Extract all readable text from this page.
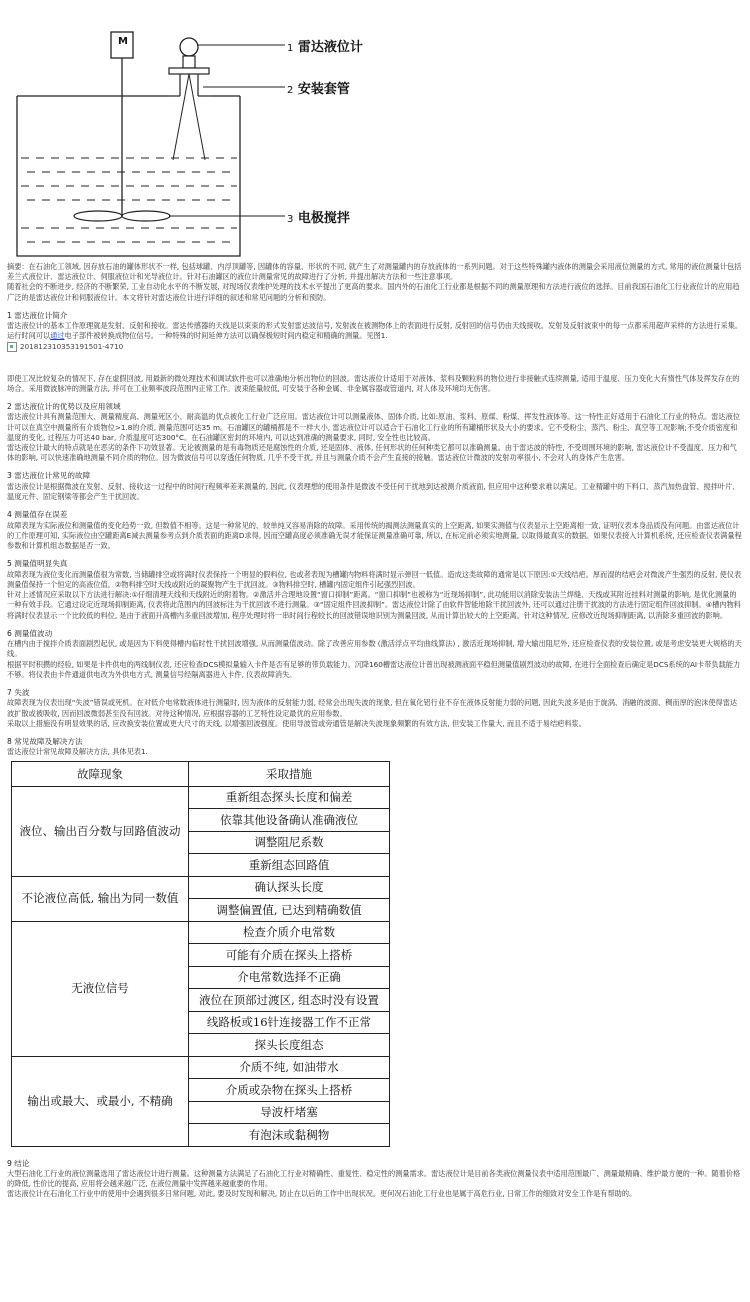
M
1 雷达液位计
2 安装套管
3 电极搅拌

摘要：在石油化工领域, 因存放石油的罐体形状不一样, 包括球罐、内浮顶罐等, 因罐体的容量、形状的不同, 就产生了对测量罐内的存放液体的一系列问题。对于这些特殊罐内液体的测量会采用液位测量的方式, 常用的液位测量计包括差兰式液位计、雷达液位计、伺服液位计和光导液位计。针对石油罐区的液位计测量常见的故障进行了分析, 并提出解决方法和一些注意事项。

随着社会的不断进步, 经济的不断繁荣, 工业自动化水平的不断发展, 对现场仪表维护处理的技术水平提出了更高的要求。国内外的石油化工行业都是根据不同的测量原理和方法进行液位的选择。目前我国石油化工行业液位计的应用趋广泛的是雷达液位计和伺服液位计。本文将针对雷达液位计进行详细的叙述和常见问题的分析和预防。

1 雷达液位计简介

雷达液位计的基本工作原理就是发射、反射和接收。雷达传感器的天线是以束束的形式发射雷达波信号, 发射波在被测物体上的表面进行反射, 反射回的信号仍由天线接收。发射及反射波束中的每一点都采用超声采样的方法进行采集。运行时间可以通过电子部件被转换成物位信号。一种特殊的时间延伸方法可以确保极短时间内稳定和精确的测量。见图1.

20181231035319150​1-4710

即使工况比较复杂的情况下, 存在虚假回波, 用最新的微处理技术和调试软件也可以准确地分析出物位的回波。雷达液位计适用于对液体、浆料及颗粒料的物位进行非接触式连续测量, 适用于温度、压力变化大有惰性气体及挥发存在的场合。采用微波脉冲的测量方法, 并可在工业频率波段范围内正常工作。波束能量较低, 可安装于各种金属、非金属容器或管道内, 对人体及环境均无伤害。

2 雷达液位计的优势以及应用领域

雷达液位计具有测量范围大、测量精度高、测量死区小、耐高温的优点被化工行业广泛应用。雷达液位计可以测量液体、固体介质, 比如:原油、浆料、原煤、粉煤、挥发性液体等。这一特性正好适用于石油化工行业的特点。雷达液位计可以在真空中测量所有介质物位>1.8的介质, 测量范围可达35 m。石油罐区的罐桶都是不一样大小, 雷达液位计可以适合于石油化工行业的所有罐桶形状及大小的要求。它不受粉尘、蒸汽、粉尘、真空等工况影响;不受介质密度和温度的变化, 过程压力可达40 bar, 介质温度可达300°C。在石油罐区密封的环境内, 可以达到准确的测量要求, 同时, 安全性也比较高。

雷达液位计最大的特点就是在恶劣的条件下功效显著。无论被测量的是有毒物质还是腐蚀性的介质, 还是固体、液体, 任何形状的任何种类它都可以准确测量。由于雷达波的特性, 不受周围环境的影响, 雷达液位计不受温度、压力和气体的影响, 可以快速准确地测量不同介质的物位。因为微波信号可以穿透任何物质, 几乎不受干扰, 并且与测量介质不会产生直接的接触。雷达液位计微波的发射功率很小, 不会对人的身体产生危害。

3 雷达液位计常见的故障

雷达液位计是根据微波在发射、反射、接收这一过程中的时间行程频率差来测量的, 因此, 仪表理想的使用条件是微波不受任何干扰地到达被测介质液面, 但应用中这种要求难以满足。工业精罐中的下料口、蒸汽加热盘管、搅拌叶片、温度元件、固定钢梁等都会产生干扰回波。

4 测量值存在误差

故障表现为实际液位和测量值的变化趋势一致, 但数值不相等。这是一种常见的、较单纯又容易消除的故障。采用传统的揭测法测量真实的上空距离, 如果实测值与仪表显示上空距离相一致, 证明仪表本身品质没有问题。由雷达液位计的工作原理可知, 实际液位由空罐距离E减去测量参考点到介质表面的距离D求得, 因而空罐高度必须准确无误才能保证测量准确可靠, 所以, 在标定前必须实地测量, 以取得最真实的数据。如果仪表接入计算机系统, 还应检查仪表满量程参数和计算机组态数据是否一致。

5 测量值明显失真

故障表现为液位变化而测量值很为常数, 当储罐排空或将满时仪表保持一个明显的假料位, 也或者表现为槽罐内物料将满时显示弹回一低值。造成这类故障的通常是以下原因:①天线结疤。厚而湿的结疤会对微波产生强烈的反射, 使仪表测量值保持一个恒定的高液位值。②物料排空时天线或附近的凝聚物产生干扰回波。③物料排空时, 槽罐内固定组件引起强烈回波。

针对上述情况应采取以下方法进行解决:①仔细清理天线和天线附近的附着物。②激活并合理地设置“窗口抑制”距离。“窗口抑制”也被称为“近现场抑制”, 此功能用以消除安装法兰焊缝、天线或其附近挂料对测量的影响, 是优化测量的一种有效手段。它通过设定近现场抑制距离, 仪表将此范围内的回波标注为干扰回波不进行测量。③“固定组件回波抑制”。雷达液位计除了由软件智能地除干扰回波外, 还可以通过注册干扰波的方法进行固定组件回波抑制。④槽内物料将满时仪表显示一个比较低的料位, 是由于液面升高槽内多重回波增加, 程序处理时将一串时间行程较长的回波错误地识别为测量回波, 从而计算出较大的上空距离。针对这种情况, 应修改近现场抑制距离, 以消除多重回波的影响。

6 测量值波动

在槽内由于搅拌介质表面剧烈起伏, 或是因为下料使得槽内临时性干扰回波增强, 从而测量值波动。除了改善应用参数 (激活浮点平均曲线算法) , 激活近现场抑制, 增大输出阻尼外, 还应检查仪表的安装位置, 或是考虑安装更大规格的天线。

根据平时积攒的经验, 如果是卡件供电的两线制仪表, 还应检查DCS模拟量输入卡件是否有足够的带负载能力。沉降160槽雷达液位计曾出现被测液面平稳但测量值剧烈波动的故障, 在进行全面检查后确定是DCS系统的AI卡带负载能力不够。将仪表由卡件通道供电改为外供电方式, 测量信号经隔离器进入卡件, 仪表故障消失。

7 失波

故障表现为仪表出现“失波”错误或死机。在对低介电常数液体进行测量时, 因为液体的反射能力弱, 经常会出现失波的现象, 但在氧化铝行业不存在液体反射能力弱的问题, 因此失波多是由于旋涡、消融的波面、稠而厚的泡沫使得雷达波扩散或被吸收, 因而回波微弱甚至没有回波。对待这种情况, 应根据容器的工艺特性设定最优的应用参数。

采取以上措施没有明显效果的话, 应改换安装位置或更大尺寸的天线, 以增强回波强度。使用导波管或旁通管是解决失波现象频繁的有效方法, 但安装工作量大, 而且不适于易结疤料浆。

8 常见故障及解决方法

雷达液位计常见故障及解决方法, 具体见表1.

故障现象	采取措施
液位、输出百分数与回路值波动	重新组态探头长度和偏差
	依靠其他设备确认准确液位
	调整阻尼系数
	重新组态回路值
不论液位高低, 输出为同一数值	确认探头长度
	调整偏置值, 已达到精确数值
无液位信号	检查介质介电常数
	可能有介质在探头上搭桥
	介电常数选择不正确
	液位在顶部过渡区, 组态时没有设置
	线路板或16针连接器工作不正常
	探头长度组态
输出或最大、或最小, 不精确	介质不纯, 如油带水
	介质或杂物在探头上搭桥
	导波杆堵塞
	有泡沫或黏稠物

9 结论

大型石油化工行业的液位测量选用了雷达液位计进行测量。这种测量方法满足了石油化工行业对精确性、重复性、稳定性的测量需求。雷达液位计是目前各类液位测量仪表中适用范围最广、测量最精确、维护最方便的一种。随着价格的降低, 性价比的提高, 应用将会越来越广泛, 在液位测量中发挥越来越重要的作用。

雷达液位计在石油化工行业中的使用中会遇到很多日常问题, 对此, 要及时发现和解决, 防止在以后的工作中出现状况。更何况石油化工行业也是属于高危行业, 日常工作的细致对安全工作是有帮助的。
